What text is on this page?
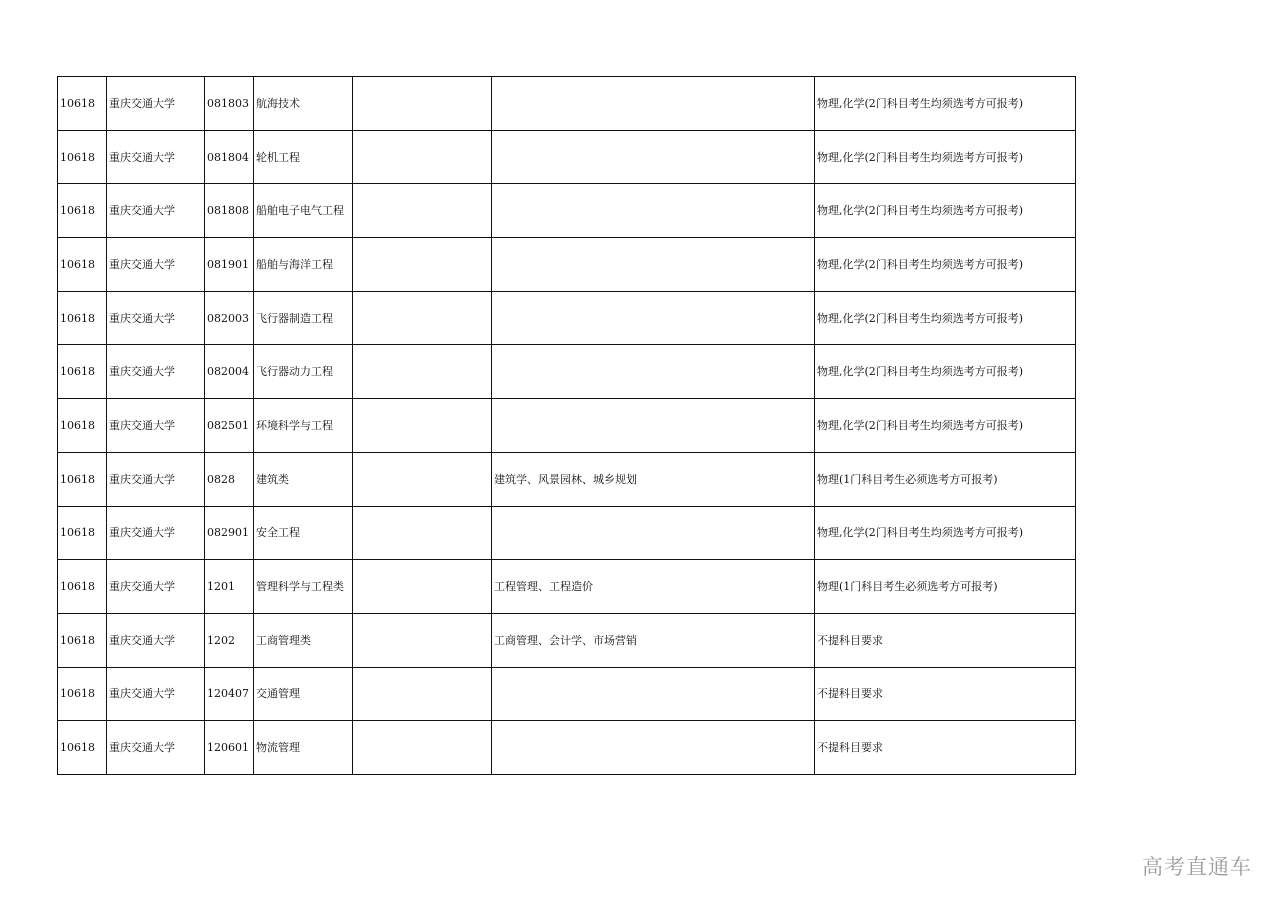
10618	重庆交通大学	081803	航海技术			物理,化学(2门科目考生均须选考方可报考)
10618	重庆交通大学	081804	轮机工程			物理,化学(2门科目考生均须选考方可报考)
10618	重庆交通大学	081808	船舶电子电气工程			物理,化学(2门科目考生均须选考方可报考)
10618	重庆交通大学	081901	船舶与海洋工程			物理,化学(2门科目考生均须选考方可报考)
10618	重庆交通大学	082003	飞行器制造工程			物理,化学(2门科目考生均须选考方可报考)
10618	重庆交通大学	082004	飞行器动力工程			物理,化学(2门科目考生均须选考方可报考)
10618	重庆交通大学	082501	环境科学与工程			物理,化学(2门科目考生均须选考方可报考)
10618	重庆交通大学	0828	建筑类		建筑学、风景园林、城乡规划	物理(1门科目考生必须选考方可报考)
10618	重庆交通大学	082901	安全工程			物理,化学(2门科目考生均须选考方可报考)
10618	重庆交通大学	1201	管理科学与工程类		工程管理、工程造价	物理(1门科目考生必须选考方可报考)
10618	重庆交通大学	1202	工商管理类		工商管理、会计学、市场营销	不提科目要求
10618	重庆交通大学	120407	交通管理			不提科目要求
10618	重庆交通大学	120601	物流管理			不提科目要求
高考直通车
